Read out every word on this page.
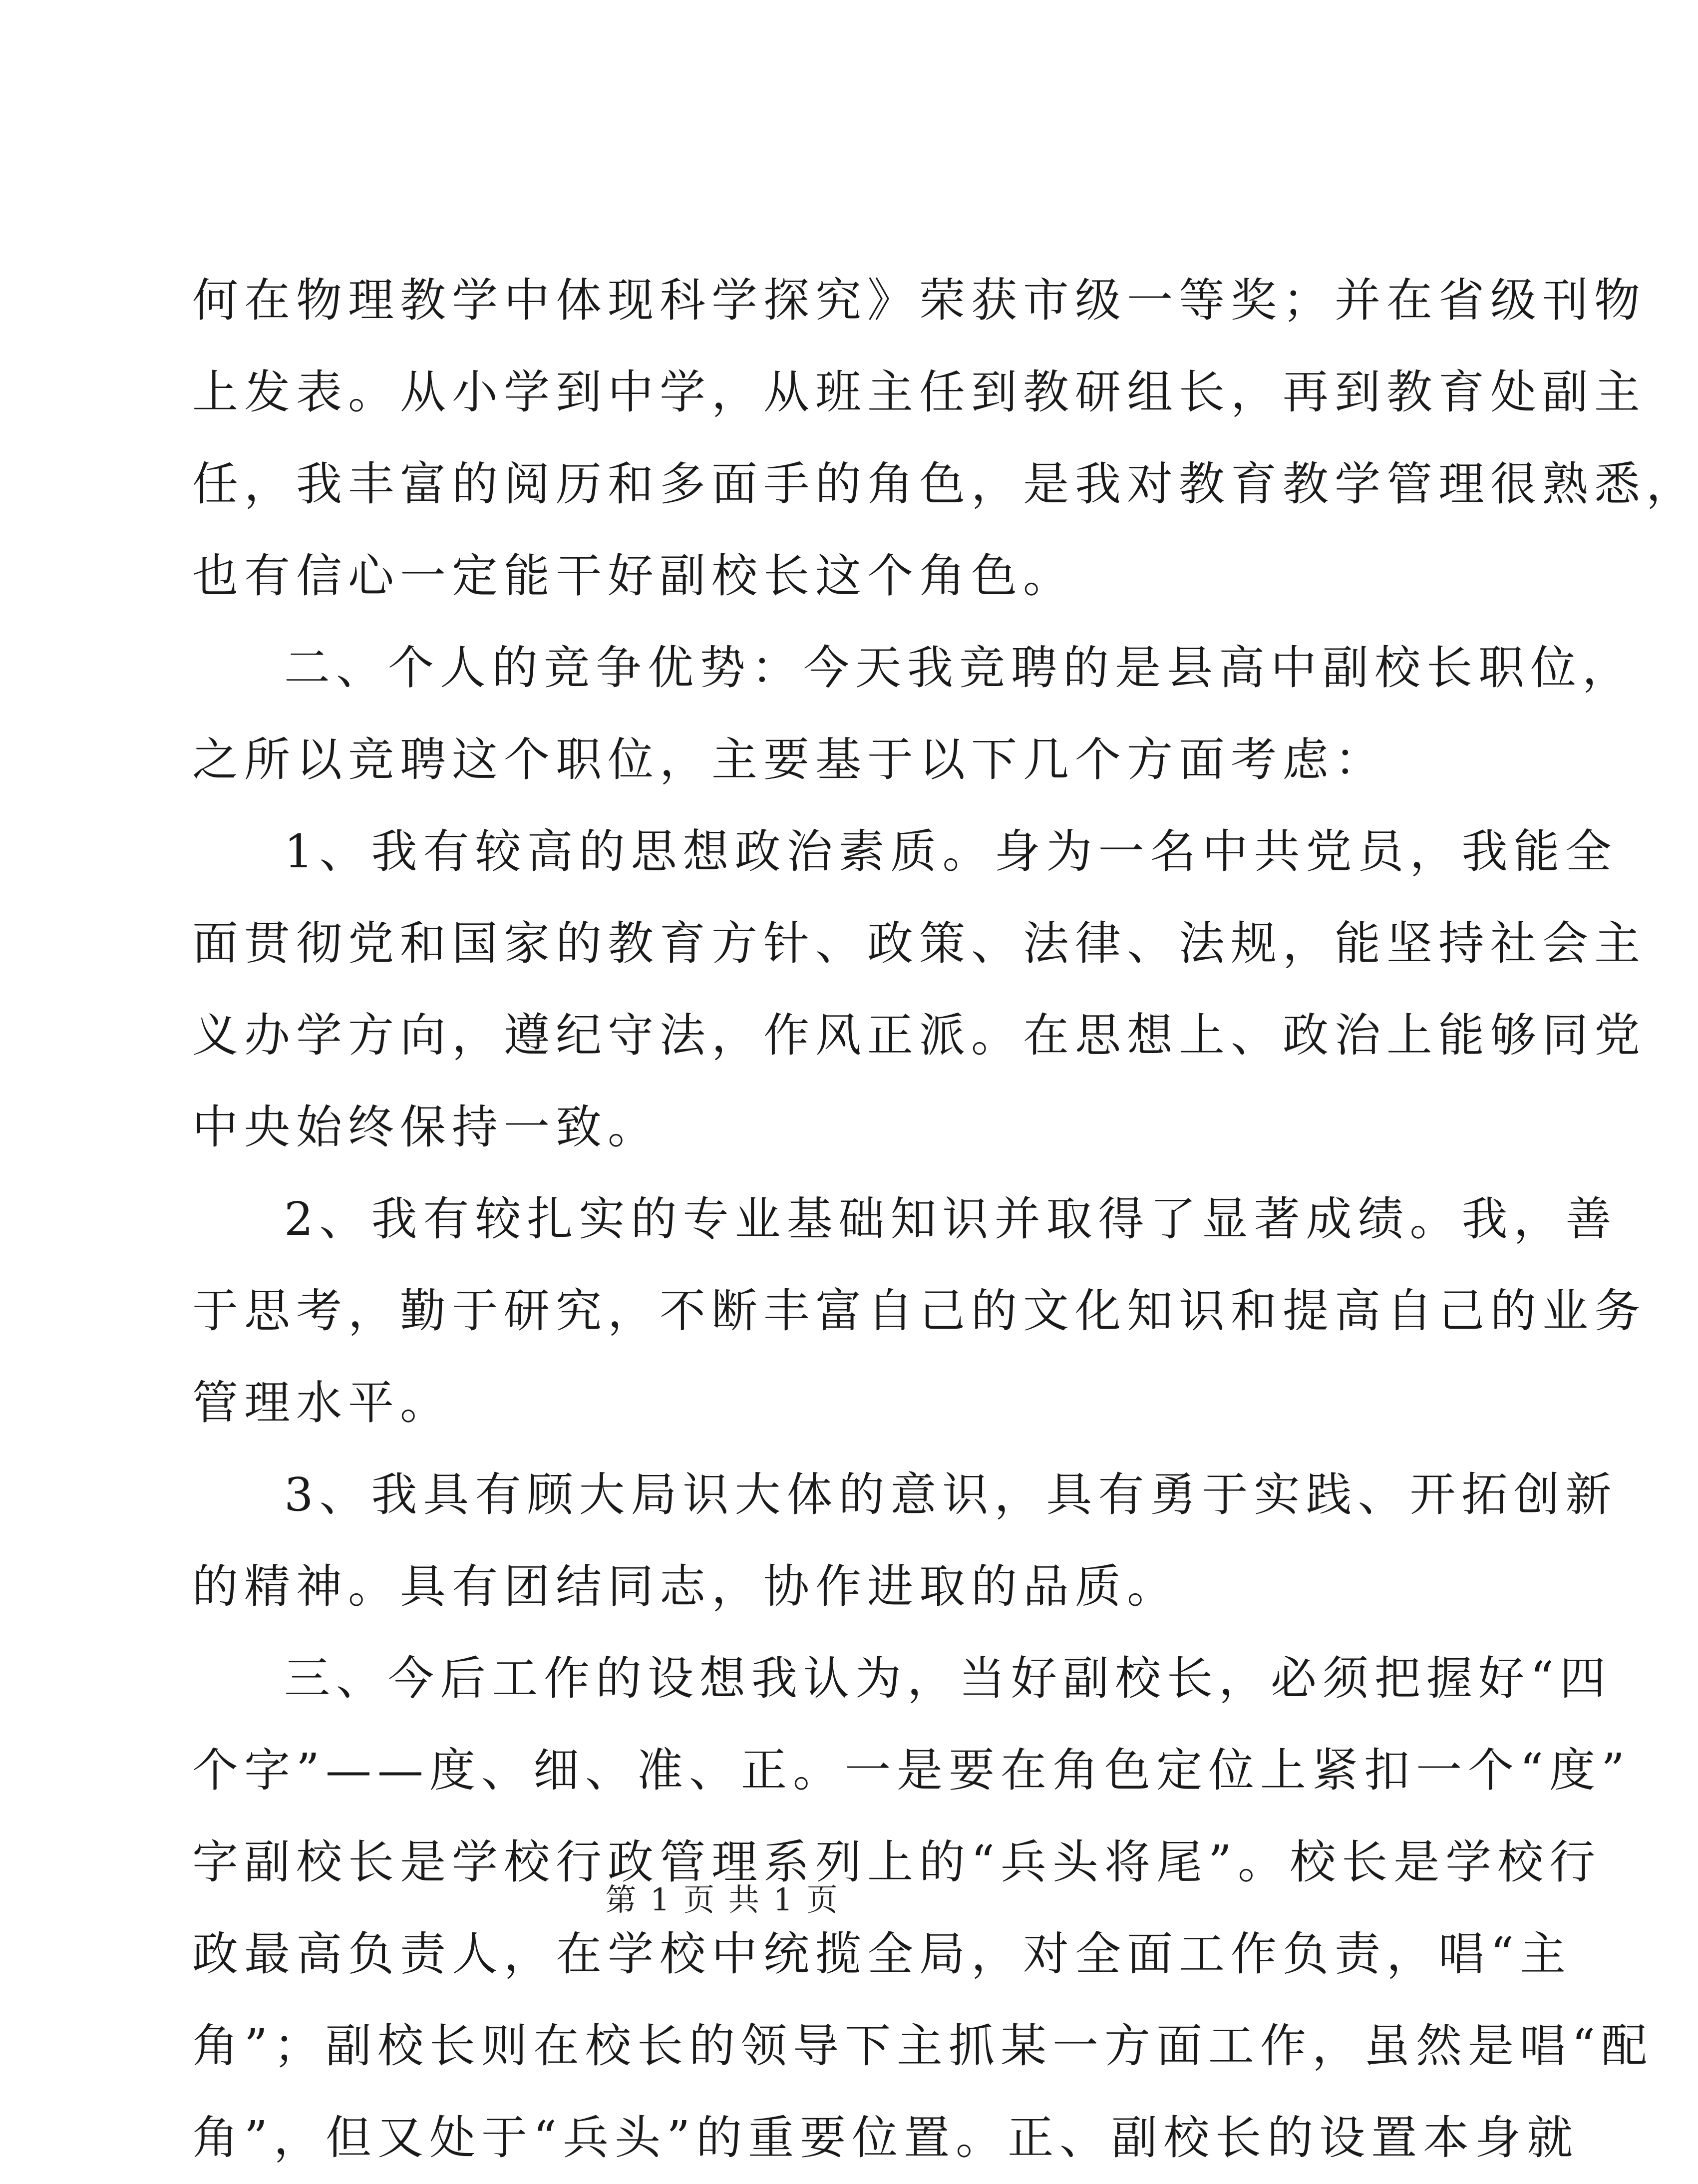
何在物理教学中体现科学探究》荣获市级一等奖；并在省级刊物
上发表。从小学到中学，从班主任到教研组长，再到教育处副主
任，我丰富的阅历和多面手的角色，是我对教育教学管理很熟悉，
也有信心一定能干好副校长这个角色。
二、个人的竞争优势：今天我竞聘的是县高中副校长职位，
之所以竞聘这个职位，主要基于以下几个方面考虑：
1、我有较高的思想政治素质。身为一名中共党员，我能全
面贯彻党和国家的教育方针、政策、法律、法规，能坚持社会主
义办学方向，遵纪守法，作风正派。在思想上、政治上能够同党
中央始终保持一致。
2、我有较扎实的专业基础知识并取得了显著成绩。我，善
于思考，勤于研究，不断丰富自己的文化知识和提高自己的业务
管理水平。
3、我具有顾大局识大体的意识，具有勇于实践、开拓创新
的精神。具有团结同志，协作进取的品质。
三、今后工作的设想我认为，当好副校长，必须把握好“四
个字”——度、细、准、正。一是要在角色定位上紧扣一个“度”
字副校长是学校行政管理系列上的“兵头将尾”。校长是学校行
政最高负责人，在学校中统揽全局，对全面工作负责，唱“主
角”；副校长则在校长的领导下主抓某一方面工作，虽然是唱“配
角”，但又处于“兵头”的重要位置。正、副校长的设置本身就
第 1 页 共 1 页
